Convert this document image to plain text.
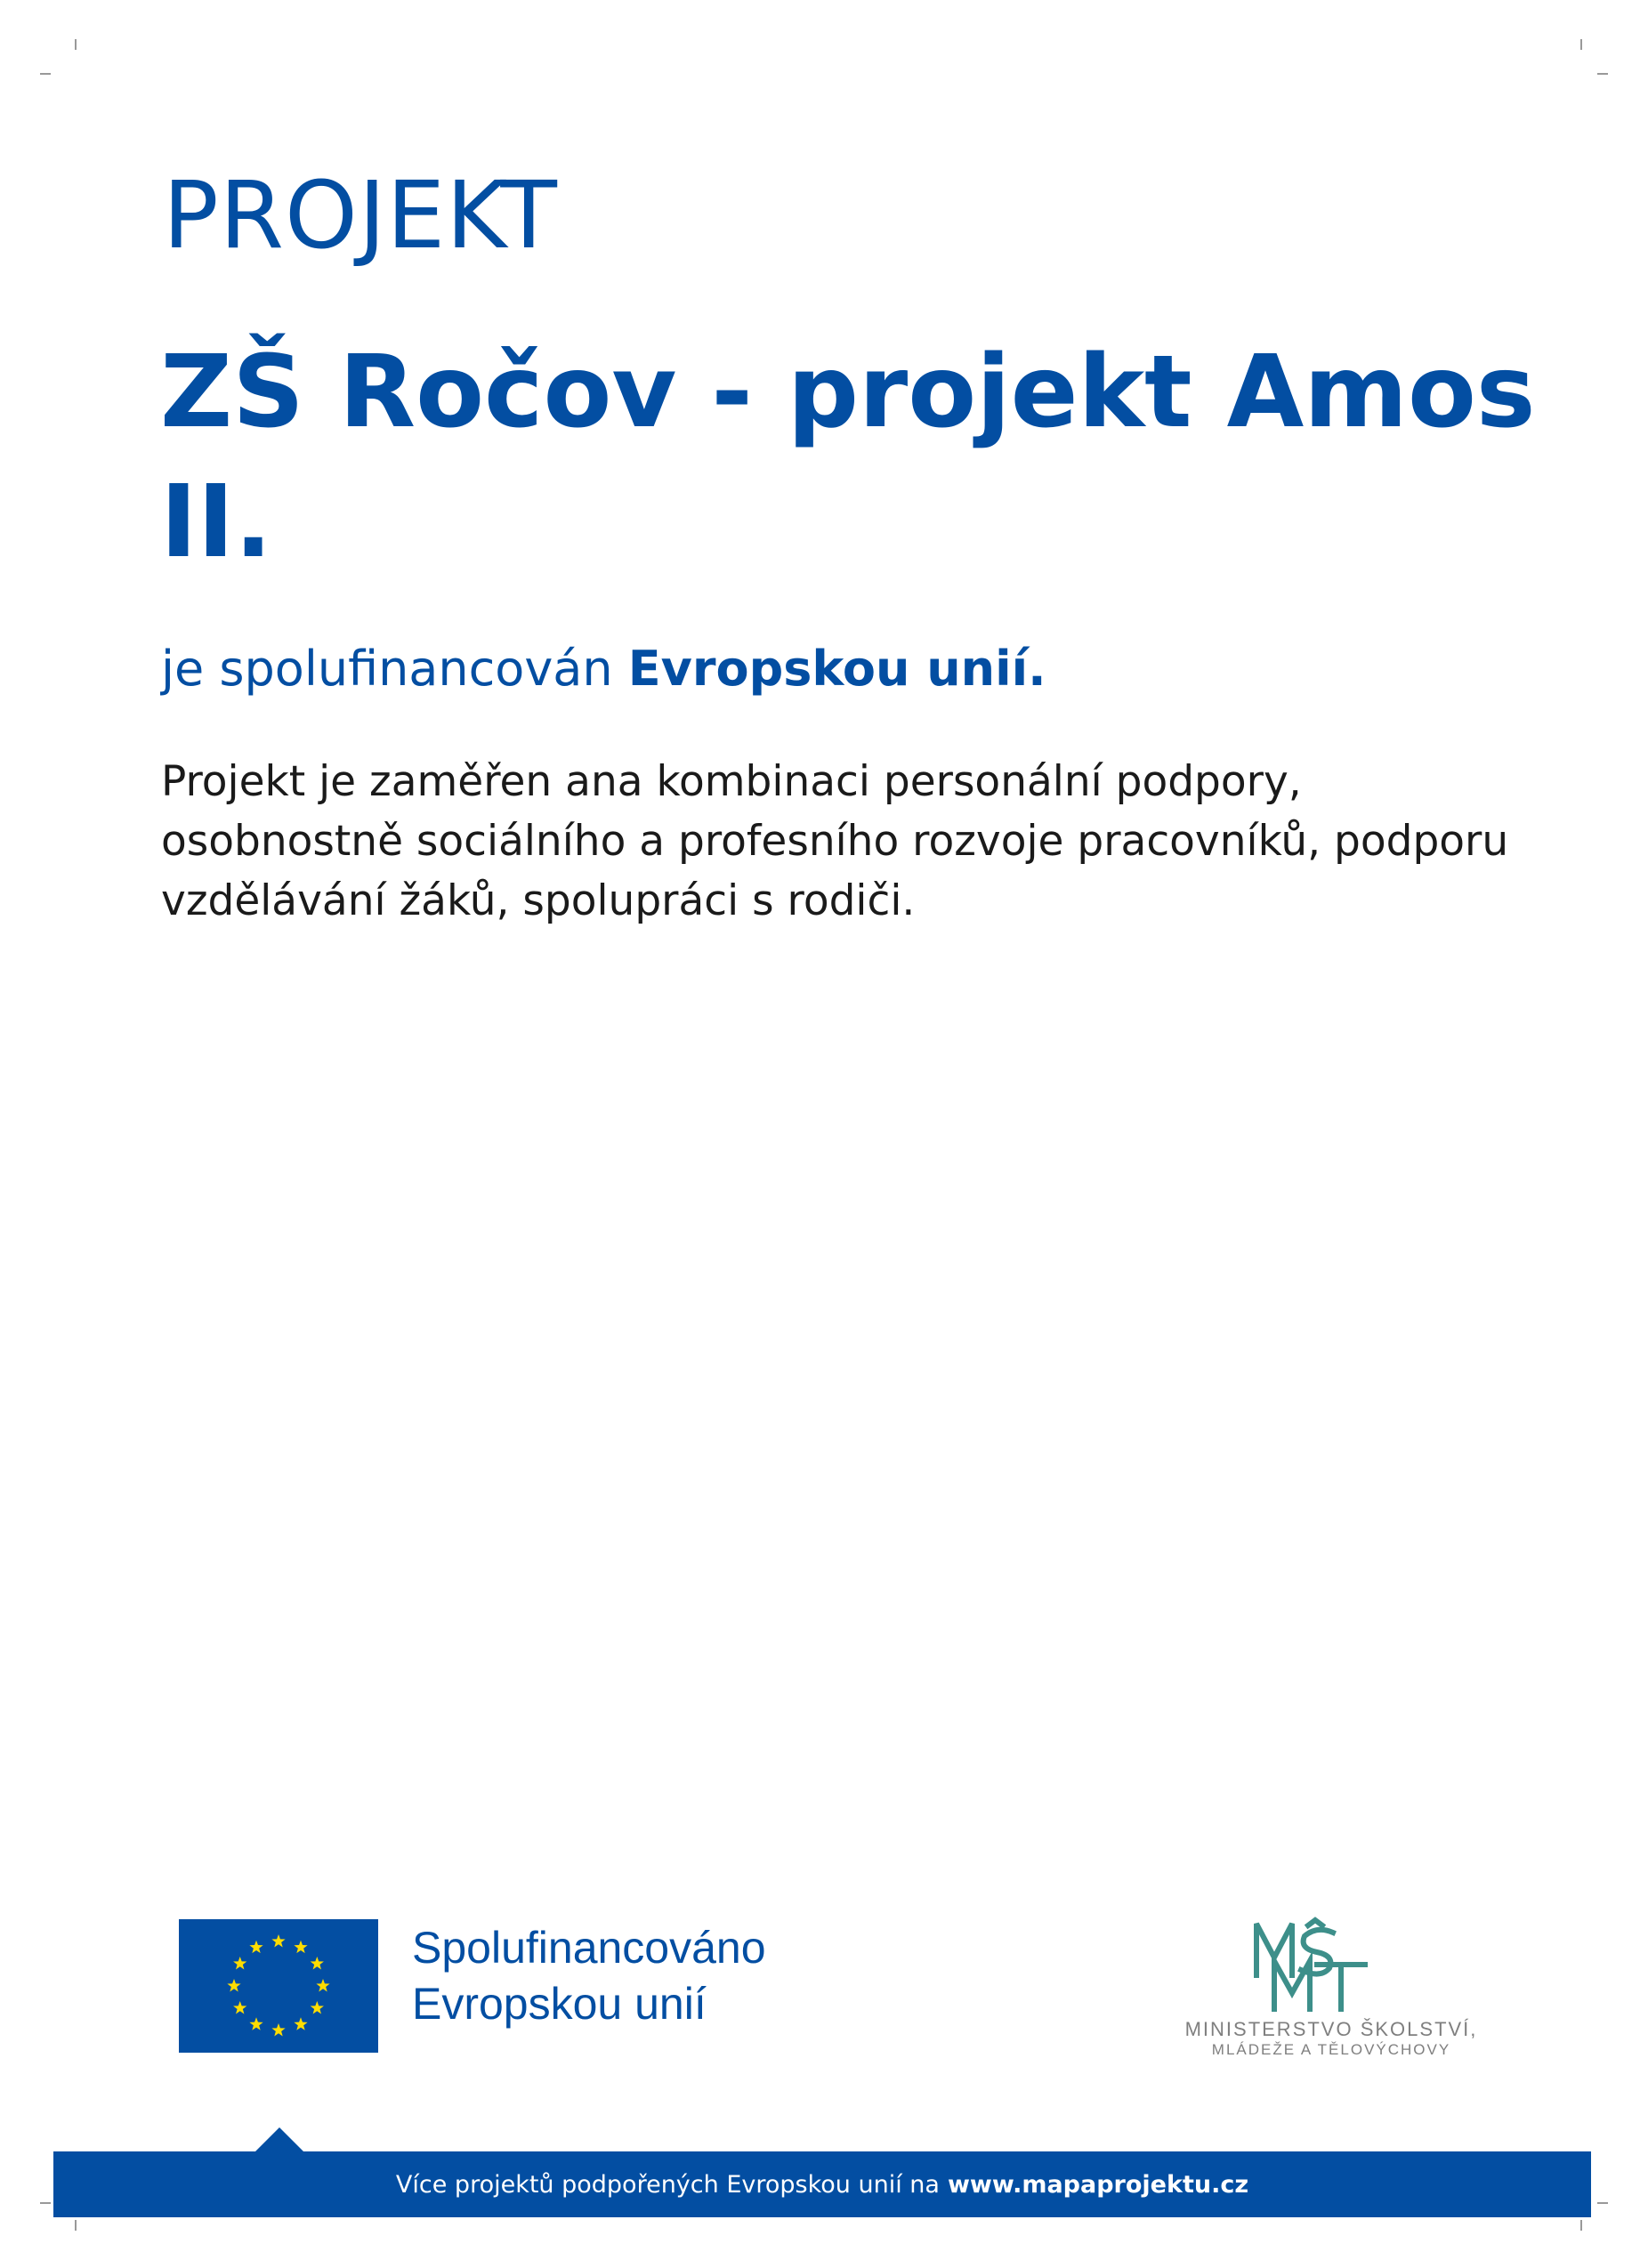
PROJEKT
ZŠ Ročov - projekt Amos II.
je spolufinancován Evropskou unií.
Projekt je zaměřen ana kombinaci personální podpory, osobnostně sociálního a profesního rozvoje pracovníků, podporu vzdělávání žáků, spolupráci s rodiči.
Spolufinancováno
Evropskou unií
MINISTERSTVO ŠKOLSTVÍ,
MLÁDEŽE A TĚLOVÝCHOVY
Více projektů podpořených Evropskou unií na www.mapaprojektu.cz
